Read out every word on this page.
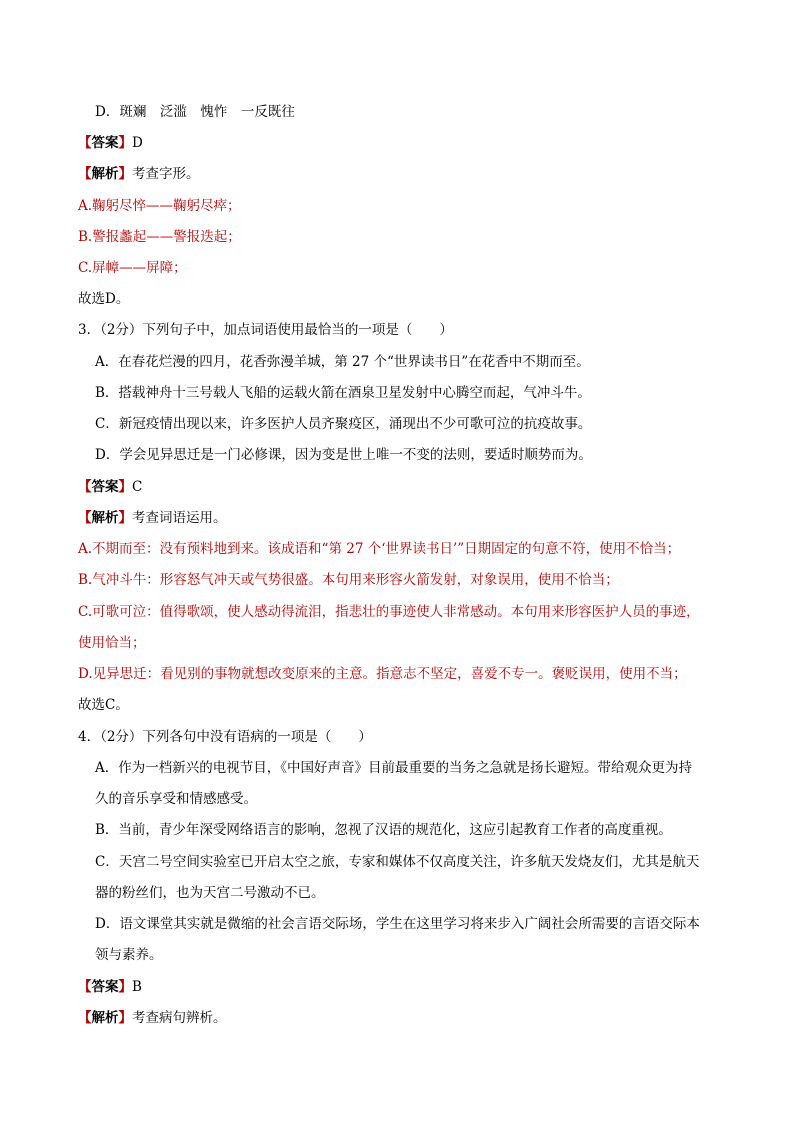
D．斑斓　泛滥　愧怍　一反既往
【答案】D
【解析】考查字形。
A.鞠躬尽悴——鞠躬尽瘁；
B.警报蠡起——警报迭起；
C.屏幛——屏障；
故选D。
3．（2分）下列句子中，加点词语使用最恰当的一项是（　　）
A．在春花烂漫的四月，花香弥漫羊城，第 27 个“世界读书日”在花香中不期而至。
B．搭载神舟十三号载人飞船的运载火箭在酒泉卫星发射中心腾空而起，气冲斗牛。
C．新冠疫情出现以来，许多医护人员齐聚疫区，涌现出不少可歌可泣的抗疫故事。
D．学会见异思迁是一门必修课，因为变是世上唯一不变的法则，要适时顺势而为。
【答案】C
【解析】考查词语运用。
A.不期而至：没有预料地到来。该成语和“第 27 个‘世界读书日’”日期固定的句意不符，使用不恰当；
B.气冲斗牛：形容怒气冲天或气势很盛。本句用来形容火箭发射，对象误用，使用不恰当；
C.可歌可泣：值得歌颂，使人感动得流泪，指悲壮的事迹使人非常感动。本句用来形容医护人员的事迹，
使用恰当；
D.见异思迁：看见别的事物就想改变原来的主意。指意志不坚定，喜爱不专一。褒贬误用，使用不当；
故选C。
4．（2分）下列各句中没有语病的一项是（　　）
A．作为一档新兴的电视节目，《中国好声音》目前最重要的当务之急就是扬长避短。带给观众更为持
久的音乐享受和情感感受。
B．当前，青少年深受网络语言的影响，忽视了汉语的规范化，这应引起教育工作者的高度重视。
C．天宫二号空间实验室已开启太空之旅，专家和媒体不仅高度关注，许多航天发烧友们，尤其是航天
器的粉丝们，也为天宫二号激动不已。
D．语文课堂其实就是微缩的社会言语交际场，学生在这里学习将来步入广阔社会所需要的言语交际本
领与素养。
【答案】B
【解析】考查病句辨析。
